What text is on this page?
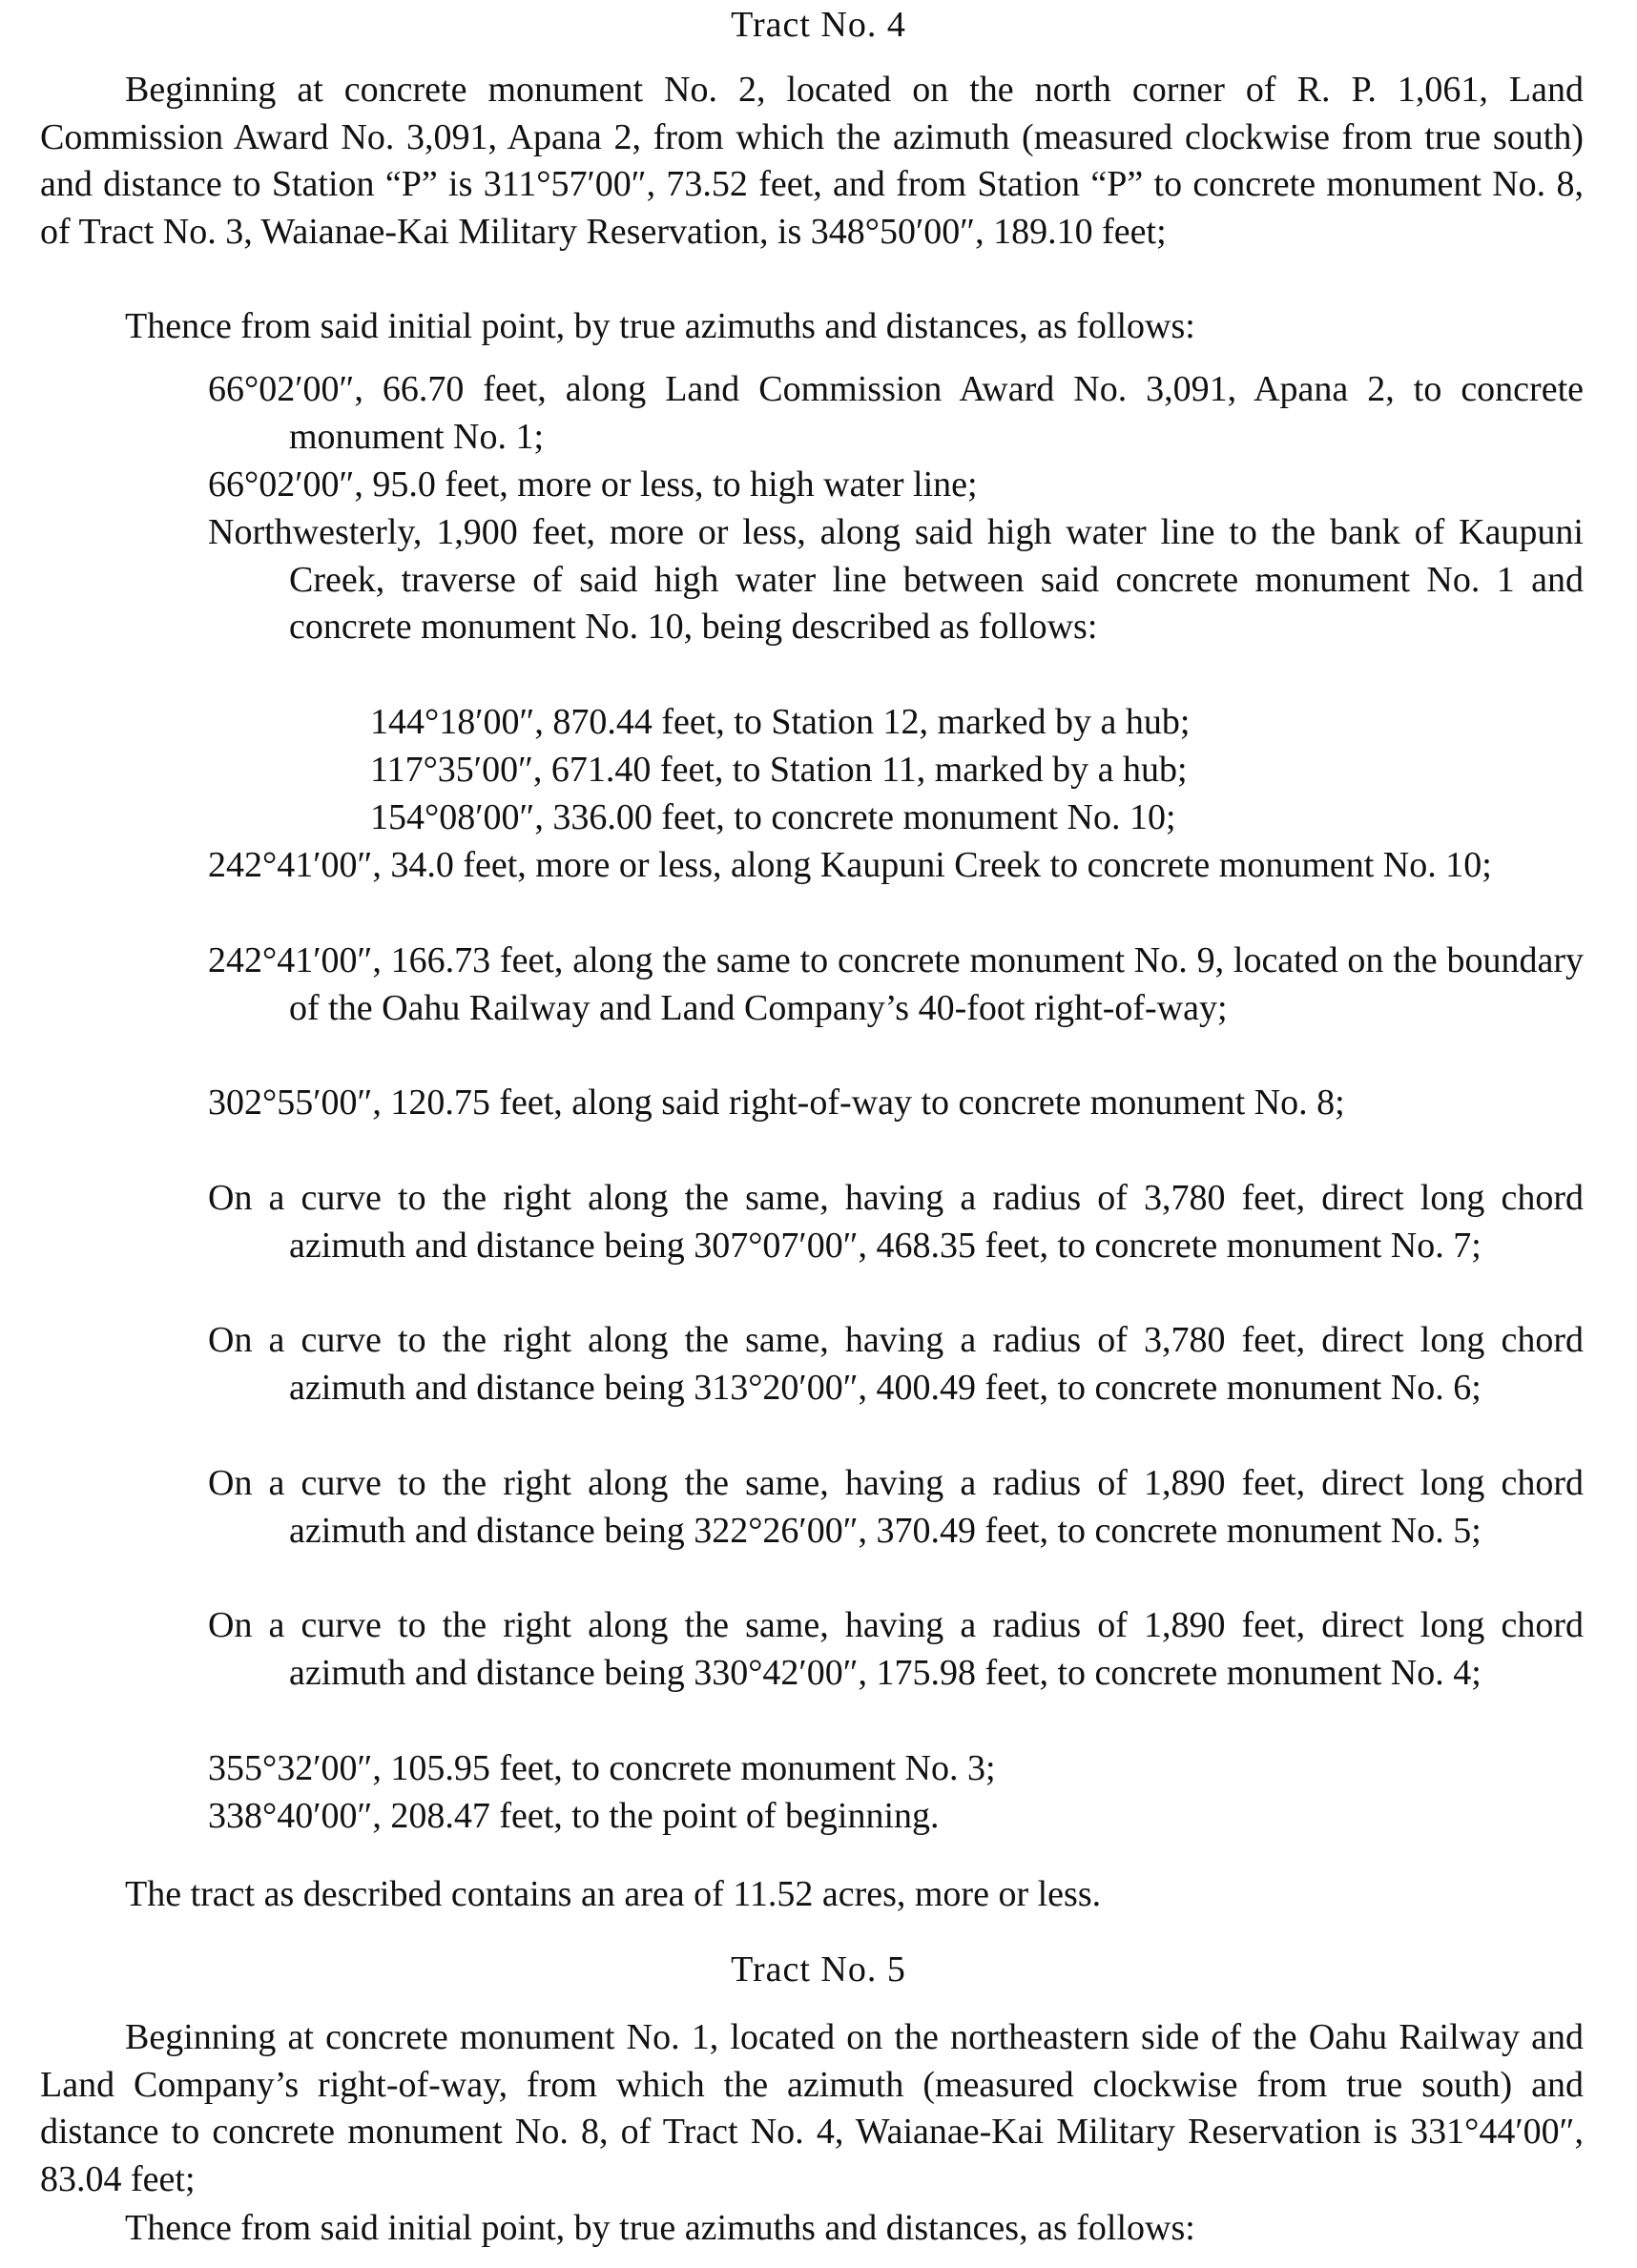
Tract No. 4
Beginning at concrete monument No. 2, located on the north corner of R. P. 1,061, Land Commission Award No. 3,091, Apana 2, from which the azimuth (measured clockwise from true south) and distance to Station “P” is 311°57′00″, 73.52 feet, and from Station “P” to concrete monument No. 8, of Tract No. 3, Waianae-Kai Military Reservation, is 348°50′00″, 189.10 feet;
Thence from said initial point, by true azimuths and distances, as follows:
66°02′00″, 66.70 feet, along Land Commission Award No. 3,091, Apana 2, to concrete monument No. 1;
66°02′00″, 95.0 feet, more or less, to high water line;
Northwesterly, 1,900 feet, more or less, along said high water line to the bank of Kaupuni Creek, traverse of said high water line between said concrete monument No. 1 and concrete monument No. 10, being described as follows:
144°18′00″, 870.44 feet, to Station 12, marked by a hub;
117°35′00″, 671.40 feet, to Station 11, marked by a hub;
154°08′00″, 336.00 feet, to concrete monument No. 10;
242°41′00″, 34.0 feet, more or less, along Kaupuni Creek to concrete monument No. 10;
242°41′00″, 166.73 feet, along the same to concrete monument No. 9, located on the boundary of the Oahu Railway and Land Company’s 40-foot right-of-way;
302°55′00″, 120.75 feet, along said right-of-way to concrete monument No. 8;
On a curve to the right along the same, having a radius of 3,780 feet, direct long chord azimuth and distance being 307°07′00″, 468.35 feet, to concrete monument No. 7;
On a curve to the right along the same, having a radius of 3,780 feet, direct long chord azimuth and distance being 313°20′00″, 400.49 feet, to concrete monument No. 6;
On a curve to the right along the same, having a radius of 1,890 feet, direct long chord azimuth and distance being 322°26′00″, 370.49 feet, to concrete monument No. 5;
On a curve to the right along the same, having a radius of 1,890 feet, direct long chord azimuth and distance being 330°42′00″, 175.98 feet, to concrete monument No. 4;
355°32′00″, 105.95 feet, to concrete monument No. 3;
338°40′00″, 208.47 feet, to the point of beginning.
The tract as described contains an area of 11.52 acres, more or less.
Tract No. 5
Beginning at concrete monument No. 1, located on the northeastern side of the Oahu Railway and Land Company’s right-of-way, from which the azimuth (measured clockwise from true south) and distance to concrete monument No. 8, of Tract No. 4, Waianae-Kai Military Reservation is 331°44′00″, 83.04 feet;
Thence from said initial point, by true azimuths and distances, as follows:
